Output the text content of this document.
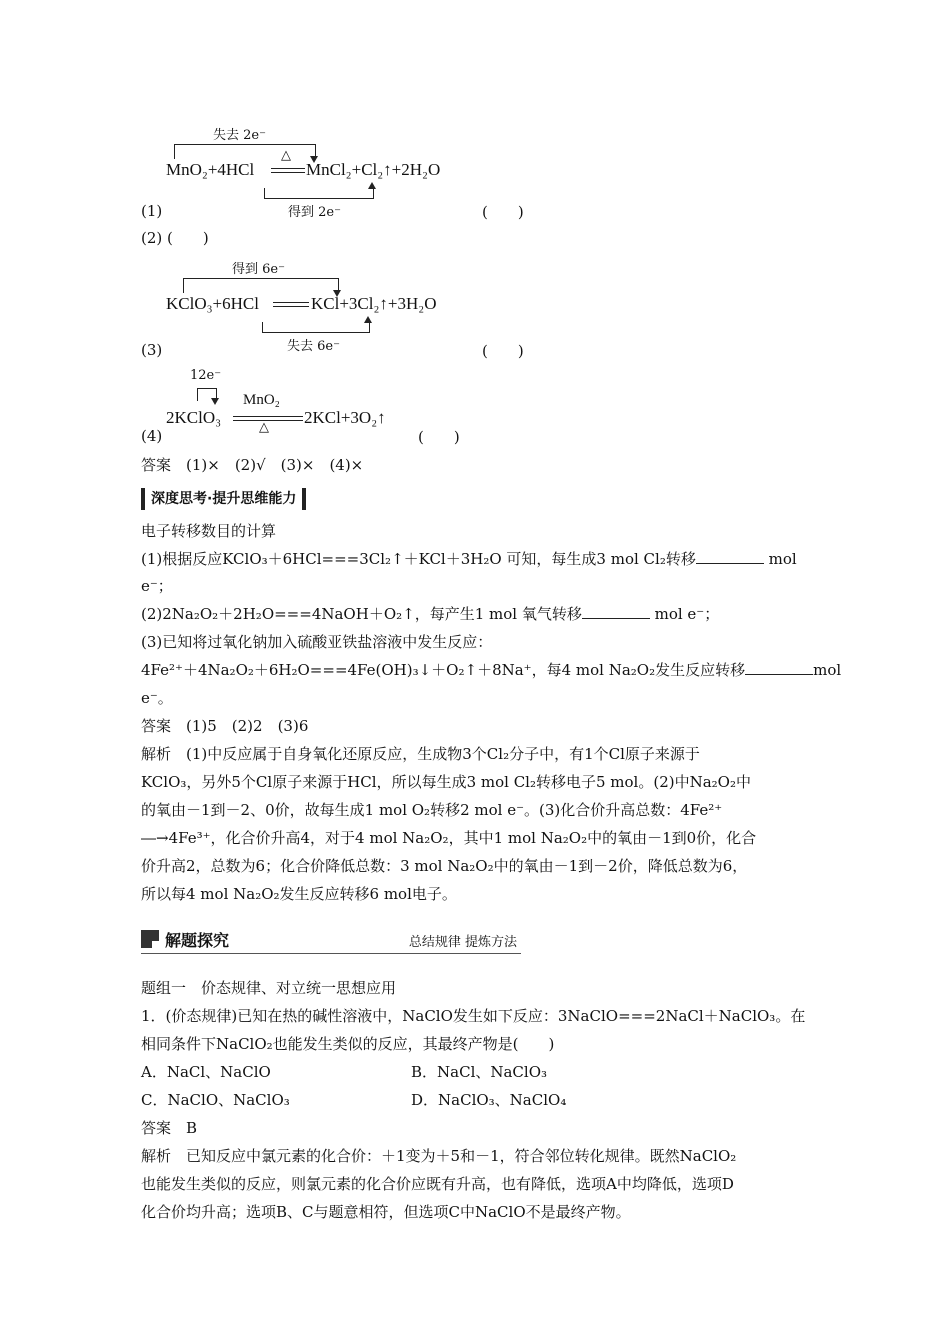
失去 2e⁻
MnO₂+4HCl
△
MnCl₂+Cl₂↑+2H₂O
得到 2e⁻
(1)	(　　)
(2) (　　)
得到 6e⁻
KClO₃+6HCl	KCl+3Cl₂↑+3H₂O
失去 6e⁻
(3)	(　　)
12e⁻
2KClO₃
MnO₂
△
2KCl+3O₂↑
(4)	(　　)
答案　(1)×　(2)√　(3)×　(4)×
深度思考·提升思维能力
电子转移数目的计算
(1)根据反应KClO₃＋6HCl===3Cl₂↑＋KCl＋3H₂O 可知，每生成3 mol Cl₂转移	mol
e⁻；
(2)2Na₂O₂＋2H₂O===4NaOH＋O₂↑，每产生1 mol 氧气转移	mol e⁻；
(3)已知将过氧化钠加入硫酸亚铁盐溶液中发生反应：
4Fe²⁺＋4Na₂O₂＋6H₂O===4Fe(OH)₃↓＋O₂↑＋8Na⁺，每4 mol Na₂O₂发生反应转移	mol
e⁻。
答案　(1)5　(2)2　(3)6
解析　(1)中反应属于自身氧化还原反应，生成物3个Cl₂分子中，有1个Cl原子来源于
KClO₃，另外5个Cl原子来源于HCl，所以每生成3 mol Cl₂转移电子5 mol。(2)中Na₂O₂中
的氧由－1到－2、0价，故每生成1 mol O₂转移2 mol e⁻。(3)化合价升高总数：4Fe²⁺
―→4Fe³⁺，化合价升高4，对于4 mol Na₂O₂，其中1 mol Na₂O₂中的氧由－1到0价，化合
价升高2，总数为6；化合价降低总数：3 mol Na₂O₂中的氧由－1到－2价，降低总数为6，
所以每4 mol Na₂O₂发生反应转移6 mol电子。
解题探究	总结规律 提炼方法
题组一　价态规律、对立统一思想应用
1．(价态规律)已知在热的碱性溶液中，NaClO发生如下反应：3NaClO===2NaCl＋NaClO₃。在
相同条件下NaClO₂也能发生类似的反应，其最终产物是(　　)
A．NaCl、NaClO	B．NaCl、NaClO₃
C．NaClO、NaClO₃	D．NaClO₃、NaClO₄
答案　B
解析　已知反应中氯元素的化合价：＋1变为＋5和－1，符合邻位转化规律。既然NaClO₂
也能发生类似的反应，则氯元素的化合价应既有升高，也有降低，选项A中均降低，选项D
化合价均升高；选项B、C与题意相符，但选项C中NaClO不是最终产物。
